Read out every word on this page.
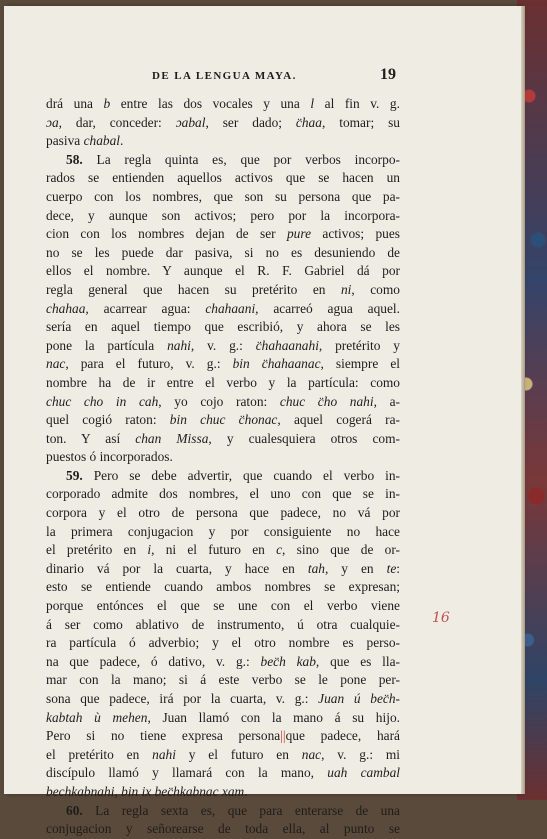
DE LA LENGUA MAYA.	19
drá una b entre las dos vocales y una l al fin v. g.
ɔa, dar, conceder: ɔabal, ser dado; c̈haa, tomar; su
pasiva chabal.
58. La regla quinta es, que por verbos incorpo-
rados se entienden aquellos activos que se hacen un
cuerpo con los nombres, que son su persona que pa-
dece, y aunque son activos; pero por la incorpora-
cion con los nombres dejan de ser pure activos; pues
no se les puede dar pasiva, si no es desuniendo de
ellos el nombre. Y aunque el R. F. Gabriel dá por
regla general que hacen su pretérito en ni, como
chahaa, acarrear agua: chahaani, acarreó agua aquel.
sería en aquel tiempo que escribió, y ahora se les
pone la partícula nahi, v. g.: c̈hahaanahi, pretérito y
nac, para el futuro, v. g.: bin c̈hahaanac, siempre el
nombre ha de ir entre el verbo y la partícula: como
chuc cho in cah, yo cojo raton: chuc c̈ho nahi, a-
quel cogió raton: bin chuc c̈honac, aquel cogerá ra-
ton. Y así chan Missa, y cualesquiera otros com-
puestos ó incorporados.
59. Pero se debe advertir, que cuando el verbo in-
corporado admite dos nombres, el uno con que se in-
corpora y el otro de persona que padece, no vá por
la primera conjugacion y por consiguiente no hace
el pretérito en i, ni el futuro en c, sino que de or-
dinario vá por la cuarta, y hace en tah, y en te:
esto se entiende cuando ambos nombres se expresan;
porque entónces el que se une con el verbo viene
á ser como ablativo de instrumento, ú otra cualquie-
ra partícula ó adverbio; y el otro nombre es perso-
na que padece, ó dativo, v. g.: bec̈h kab, que es lla-
mar con la mano; si á este verbo se le pone per-
sona que padece, irá por la cuarta, v. g.: Juan ú bec̈h-
kabtah ù mehen, Juan llamó con la mano á su hijo.
Pero si no tiene expresa persona||que padece, hará
el pretérito en nahi y el futuro en nac, v. g.: mi
discípulo llamó y llamará con la mano, uah cambal
bechkabnahi, bin ix bec̈hkabnac xam.
60. La regla sexta es, que para enterarse de una
conjugacion y señorearse de toda ella, al punto se
16
